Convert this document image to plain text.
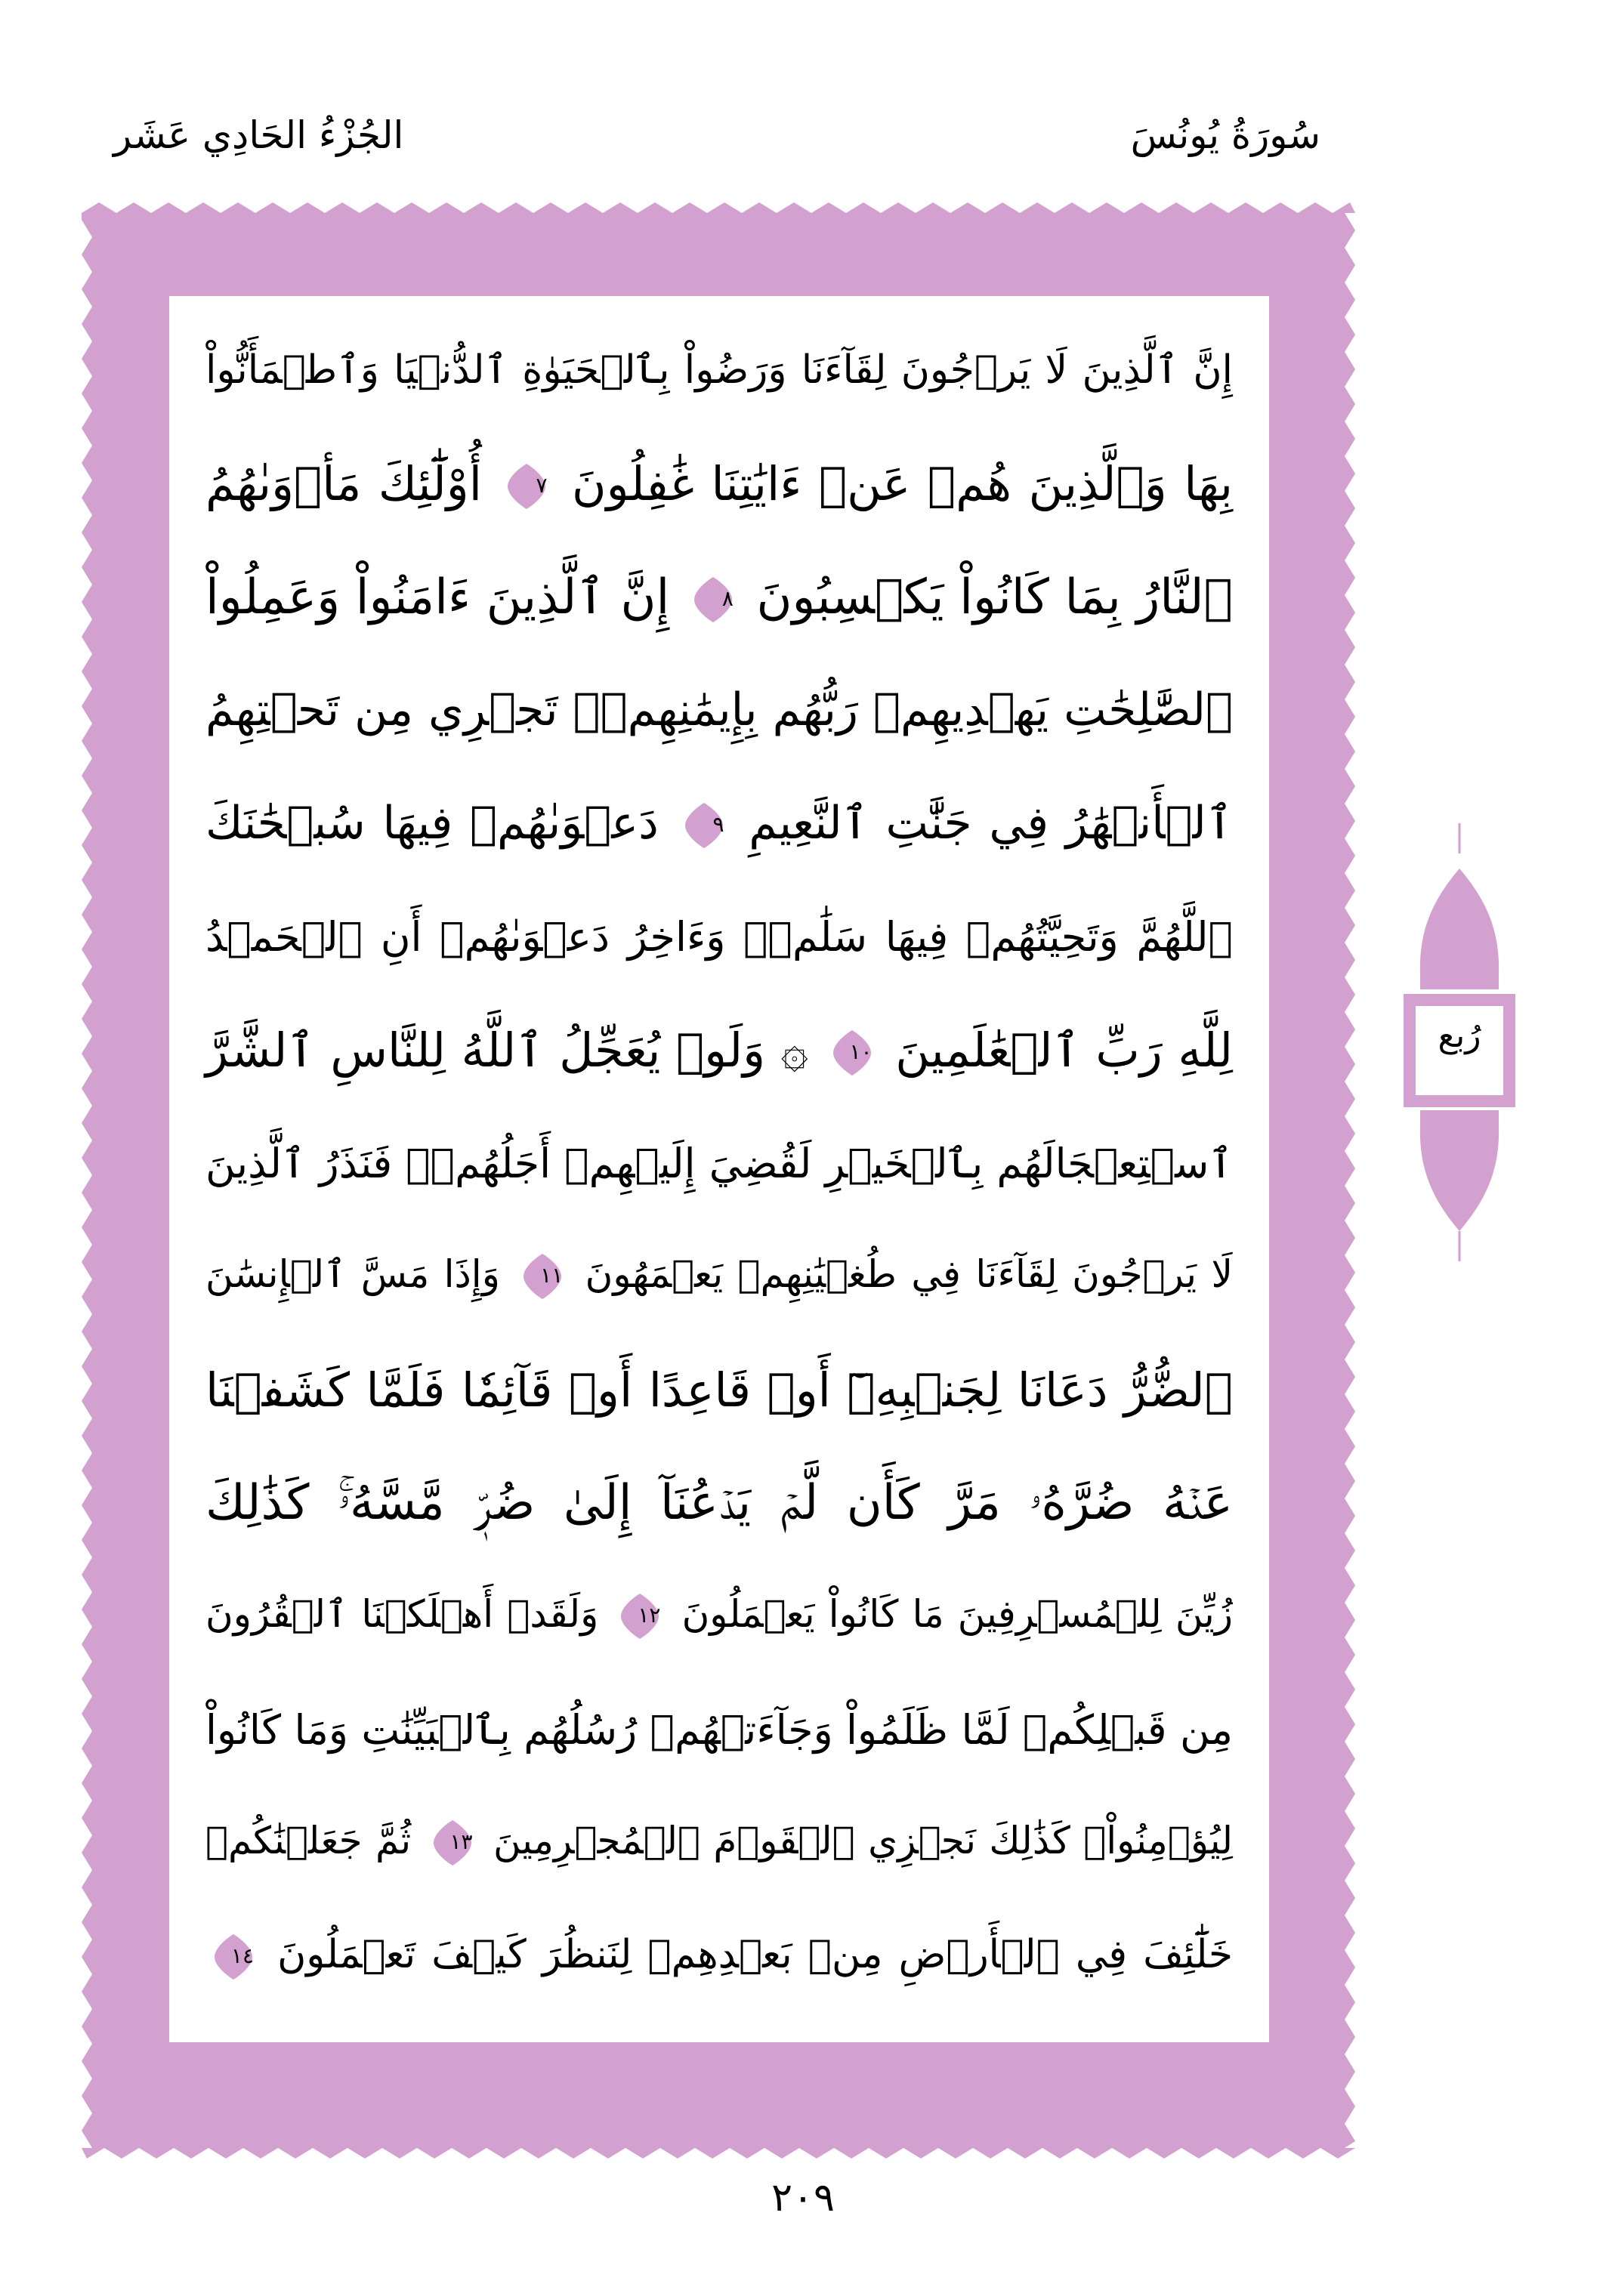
سُورَةُ يُونُسَ
الجُزْءُ الحَادِي عَشَر
إِنَّ ٱلَّذِينَ لَا يَرۡجُونَ لِقَآءَنَا وَرَضُواْ بِٱلۡحَيَوٰةِ ٱلدُّنۡيَا وَٱطۡمَأَنُّواْ
بِهَا وَٱلَّذِينَ هُمۡ عَنۡ ءَايَٰتِنَا غَٰفِلُونَ
٧
أُوْلَٰٓئِكَ مَأۡوَىٰهُمُ
ٱلنَّارُ بِمَا كَانُواْ يَكۡسِبُونَ
٨
إِنَّ ٱلَّذِينَ ءَامَنُواْ وَعَمِلُواْ
ٱلصَّٰلِحَٰتِ يَهۡدِيهِمۡ رَبُّهُم بِإِيمَٰنِهِمۡۖ تَجۡرِي مِن تَحۡتِهِمُ
ٱلۡأَنۡهَٰرُ فِي جَنَّٰتِ ٱلنَّعِيمِ
٩
دَعۡوَىٰهُمۡ فِيهَا سُبۡحَٰنَكَ
ٱللَّهُمَّ وَتَحِيَّتُهُمۡ فِيهَا سَلَٰمٞۚ وَءَاخِرُ دَعۡوَىٰهُمۡ أَنِ ٱلۡحَمۡدُ
لِلَّهِ رَبِّ ٱلۡعَٰلَمِينَ
١٠
۞ وَلَوۡ يُعَجِّلُ ٱللَّهُ لِلنَّاسِ ٱلشَّرَّ
ٱسۡتِعۡجَالَهُم بِٱلۡخَيۡرِ لَقُضِيَ إِلَيۡهِمۡ أَجَلُهُمۡۖ فَنَذَرُ ٱلَّذِينَ
لَا يَرۡجُونَ لِقَآءَنَا فِي طُغۡيَٰنِهِمۡ يَعۡمَهُونَ
١١
وَإِذَا مَسَّ ٱلۡإِنسَٰنَ
ٱلضُّرُّ دَعَانَا لِجَنۢبِهِۦٓ أَوۡ قَاعِدًا أَوۡ قَآئِمٗا فَلَمَّا كَشَفۡنَا
عَنۡهُ ضُرَّهُۥ مَرَّ كَأَن لَّمۡ يَدۡعُنَآ إِلَىٰ ضُرّٖ مَّسَّهُۥۚ كَذَٰلِكَ
زُيِّنَ لِلۡمُسۡرِفِينَ مَا كَانُواْ يَعۡمَلُونَ
١٢
وَلَقَدۡ أَهۡلَكۡنَا ٱلۡقُرُونَ
مِن قَبۡلِكُمۡ لَمَّا ظَلَمُواْ وَجَآءَتۡهُمۡ رُسُلُهُم بِٱلۡبَيِّنَٰتِ وَمَا كَانُواْ
لِيُؤۡمِنُواْۚ كَذَٰلِكَ نَجۡزِي ٱلۡقَوۡمَ ٱلۡمُجۡرِمِينَ
١٣
ثُمَّ جَعَلۡنَٰكُمۡ
خَلَٰٓئِفَ فِي ٱلۡأَرۡضِ مِنۢ بَعۡدِهِمۡ لِنَنظُرَ كَيۡفَ تَعۡمَلُونَ
١٤
رُبع
٢٠٩
